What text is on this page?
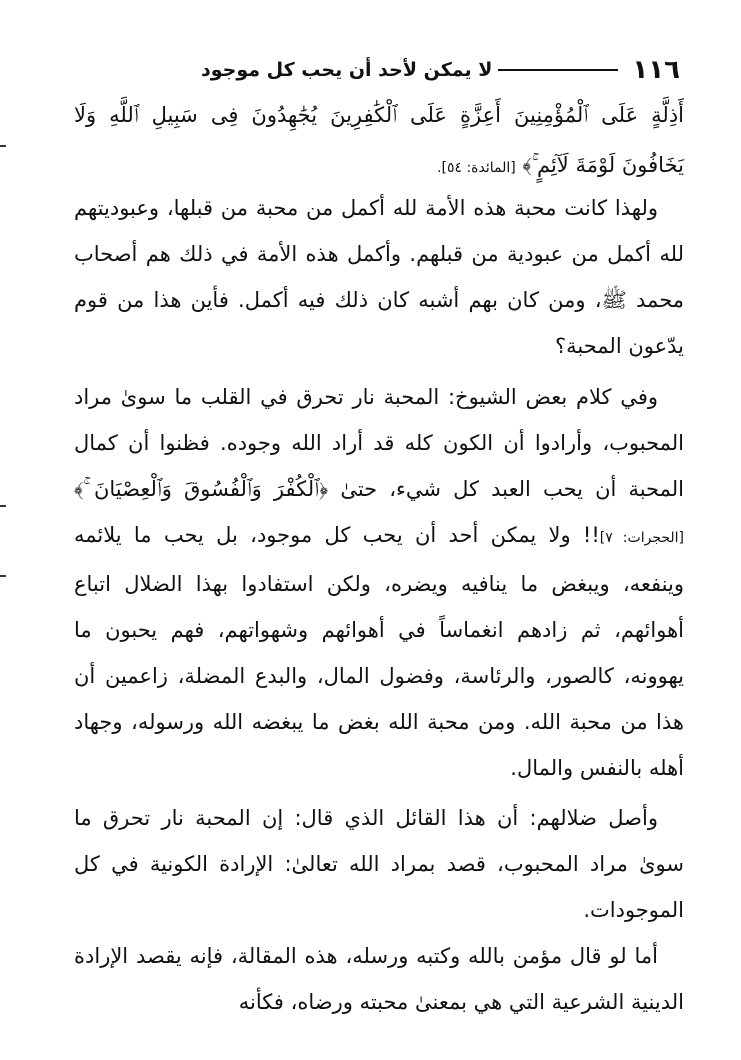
١١٦
لا يمكن لأحد أن يحب كل موجود
أَذِلَّةٍ عَلَى ٱلْمُؤْمِنِينَ أَعِزَّةٍ عَلَى ٱلْكَٰفِرِينَ يُجَٰهِدُونَ فِى سَبِيلِ ٱللَّهِ وَلَا يَخَافُونَ لَوْمَةَ لَآئِمٍ ۚ﴾ [المائدة: ٥٤].

ولهذا كانت محبة هذه الأمة لله أكمل من محبة من قبلها، وعبوديتهم لله أكمل من عبودية من قبلهم. وأكمل هذه الأمة في ذلك هم أصحاب محمد ﷺ، ومن كان بهم أشبه كان ذلك فيه أكمل. فأين هذا من قوم يدّعون المحبة؟

وفي كلام بعض الشيوخ: المحبة نار تحرق في القلب ما سوىٰ مراد المحبوب، وأرادوا أن الكون كله قد أراد الله وجوده. فظنوا أن كمال المحبة أن يحب العبد كل شيء، حتىٰ ﴿ٱلْكُفْرَ وَٱلْفُسُوقَ وَٱلْعِصْيَانَ ۚ﴾ [الحجرات: ٧]!! ولا يمكن أحد أن يحب كل موجود، بل يحب ما يلائمه وينفعه، ويبغض ما ينافيه ويضره، ولكن استفادوا بهذا الضلال اتباع أهوائهم، ثم زادهم انغماساً في أهوائهم وشهواتهم، فهم يحبون ما يهوونه، كالصور، والرئاسة، وفضول المال، والبدع المضلة، زاعمين أن هذا من محبة الله. ومن محبة الله بغض ما يبغضه الله ورسوله، وجهاد أهله بالنفس والمال.

وأصل ضلالهم: أن هذا القائل الذي قال: إن المحبة نار تحرق ما سوىٰ مراد المحبوب، قصد بمراد الله تعالىٰ: الإرادة الكونية في كل الموجودات.

أما لو قال مؤمن بالله وكتبه ورسله، هذه المقالة، فإنه يقصد الإرادة الدينية الشرعية التي هي بمعنىٰ محبته ورضاه، فكأنه
